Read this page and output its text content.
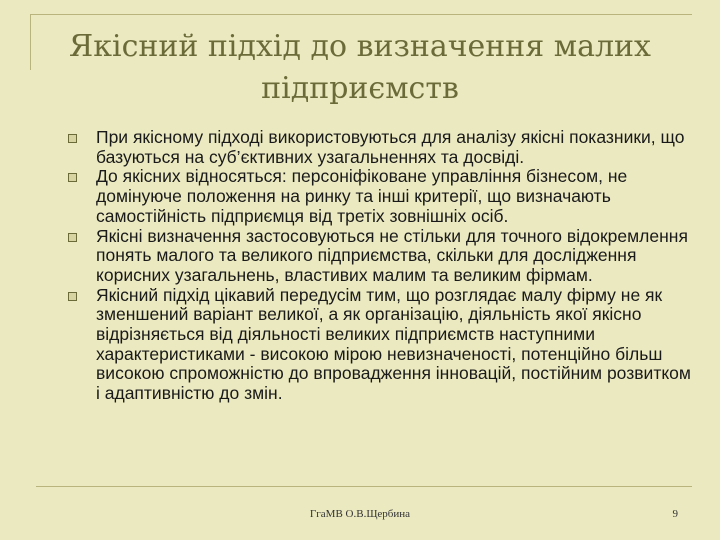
Якісний підхід до визначення малих підприємств
При якісному підході використовуються для аналізу якісні показники, що базуються на суб’єктивних узагальненнях та досвіді.
До якісних відносяться: персоніфіковане управління бізнесом, не домінуюче положення на ринку та інші критерії, що визначають самостійність підприємця від третіх зовнішніх осіб.
Якісні визначення застосовуються не стільки для точного відокремлення понять малого та великого підприємства, скільки для дослідження корисних узагальнень, властивих малим та великим фірмам.
Якісний підхід цікавий передусім тим, що розглядає малу фірму не як зменшений варіант великої, а як організацію, діяльність якої якісно відрізняється від діяльності великих підприємств наступними характеристиками - високою мірою невизначеності, потенційно більш високою спроможністю до впровадження інновацій, постійним розвитком і адаптивністю до змін.
ГгаМВ О.В.Щербина	9
